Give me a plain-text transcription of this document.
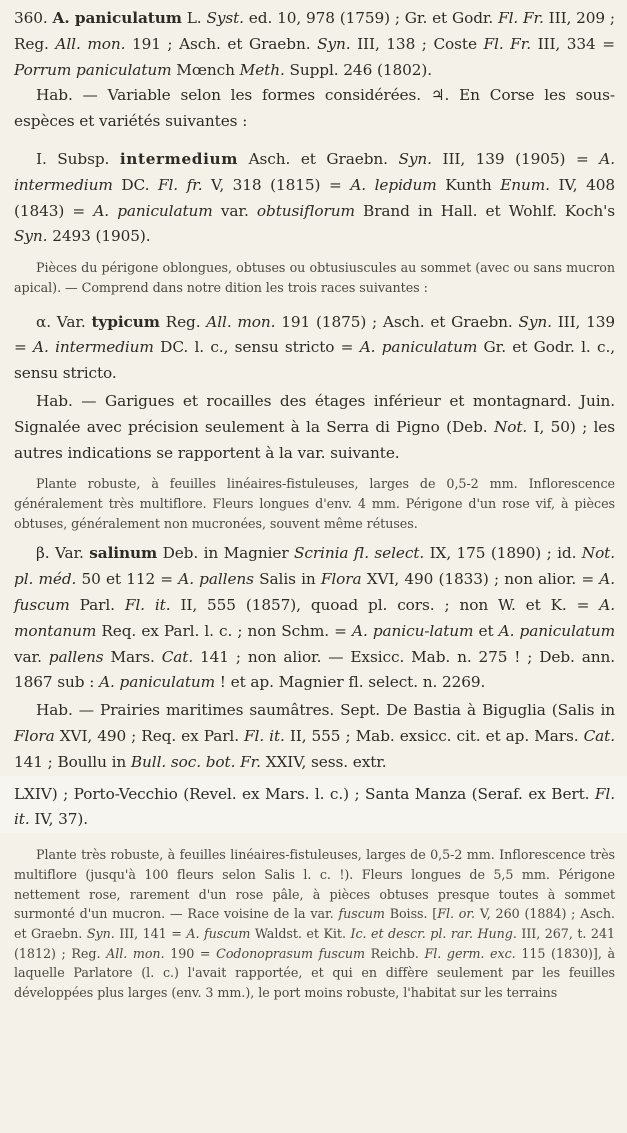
360. A. paniculatum L. Syst. ed. 10, 978 (1759) ; Gr. et Godr. Fl. Fr. III, 209 ; Reg. All. mon. 191 ; Asch. et Graebn. Syn. III, 138 ; Coste Fl. Fr. III, 334 = Porrum paniculatum Mœnch Meth. Suppl. 246 (1802).

Hab. — Variable selon les formes considérées. ♃. En Corse les sous-espèces et variétés suivantes :

I. Subsp. intermedium Asch. et Graebn. Syn. III, 139 (1905) = A. intermedium DC. Fl. fr. V, 318 (1815) = A. lepidum Kunth Enum. IV, 408 (1843) = A. paniculatum var. obtusiflorum Brand in Hall. et Wohlf. Koch's Syn. 2493 (1905).

Pièces du périgone oblongues, obtuses ou obtusiuscules au sommet (avec ou sans mucron apical). — Comprend dans notre dition les trois races suivantes :

α. Var. typicum Reg. All. mon. 191 (1875) ; Asch. et Graebn. Syn. III, 139 = A. intermedium DC. l. c., sensu stricto = A. paniculatum Gr. et Godr. l. c., sensu stricto.

Hab. — Garigues et rocailles des étages inférieur et montagnard. Juin. Signalée avec précision seulement à la Serra di Pigno (Deb. Not. I, 50) ; les autres indications se rapportent à la var. suivante.

Plante robuste, à feuilles linéaires-fistuleuses, larges de 0,5-2 mm. Inflorescence généralement très multiflore. Fleurs longues d'env. 4 mm. Périgone d'un rose vif, à pièces obtuses, généralement non mucronées, souvent même rétuses.

β. Var. salinum Deb. in Magnier Scrinia fl. select. IX, 175 (1890) ; id. Not. pl. méd. 50 et 112 = A. pallens Salis in Flora XVI, 490 (1833) ; non alior. = A. fuscum Parl. Fl. it. II, 555 (1857), quoad pl. cors. ; non W. et K. = A. montanum Req. ex Parl. l. c. ; non Schm. = A. panicu-latum et A. paniculatum var. pallens Mars. Cat. 141 ; non alior. — Exsicc. Mab. n. 275 ! ; Deb. ann. 1867 sub : A. paniculatum ! et ap. Magnier fl. select. n. 2269.

Hab. — Prairies maritimes saumâtres. Sept. De Bastia à Biguglia (Salis in Flora XVI, 490 ; Req. ex Parl. Fl. it. II, 555 ; Mab. exsicc. cit. et ap. Mars. Cat. 141 ; Boullu in Bull. soc. bot. Fr. XXIV, sess. extr.

LXIV) ; Porto-Vecchio (Revel. ex Mars. l. c.) ; Santa Manza (Seraf. ex Bert. Fl. it. IV, 37).

Plante très robuste, à feuilles linéaires-fistuleuses, larges de 0,5-2 mm. Inflorescence très multiflore (jusqu'à 100 fleurs selon Salis l. c. !). Fleurs longues de 5,5 mm. Périgone nettement rose, rarement d'un rose pâle, à pièces obtuses presque toutes à sommet surmonté d'un mucron. — Race voisine de la var. fuscum Boiss. [Fl. or. V, 260 (1884) ; Asch. et Graebn. Syn. III, 141 = A. fuscum Waldst. et Kit. Ic. et descr. pl. rar. Hung. III, 267, t. 241 (1812) ; Reg. All. mon. 190 = Codonoprasum fuscum Reichb. Fl. germ. exc. 115 (1830)], à laquelle Parlatore (l. c.) l'avait rapportée, et qui en diffère seulement par les feuilles développées plus larges (env. 3 mm.), le port moins robuste, l'habitat sur les terrains
